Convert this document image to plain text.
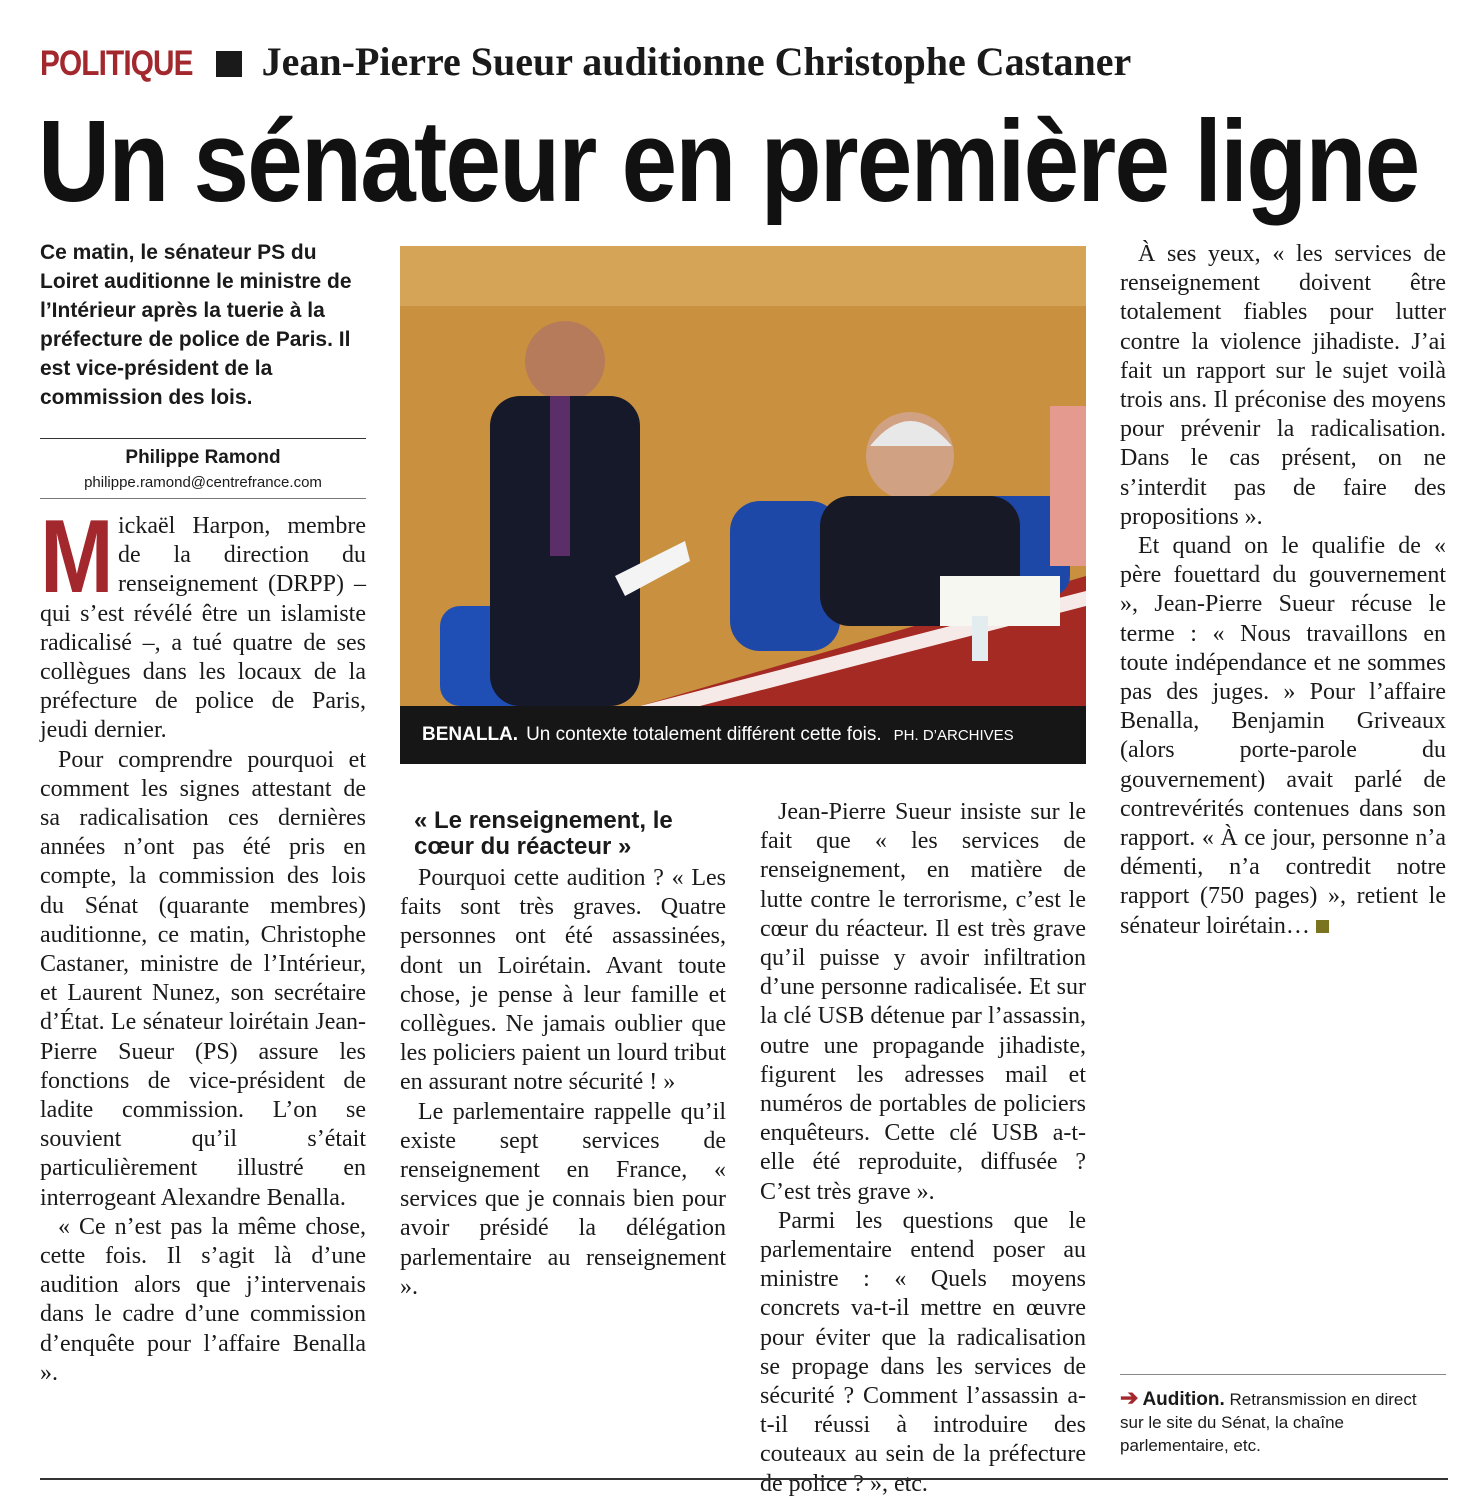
POLITIQUE Jean-Pierre Sueur auditionne Christophe Castaner
Un sénateur en première ligne
Ce matin, le sénateur PS du Loiret auditionne le ministre de l’Intérieur après la tuerie à la préfecture de police de Paris. Il est vice-président de la commission des lois.
Philippe Ramond
philippe.ramond@centrefrance.com

Mickaël Harpon, membre de la direction du renseignement (DRPP) – qui s’est révélé être un islamiste radicalisé –, a tué quatre de ses collègues dans les locaux de la préfecture de police de Paris, jeudi dernier.

Pour comprendre pourquoi et comment les signes attestant de sa radicalisation ces dernières années n’ont pas été pris en compte, la commission des lois du Sénat (quarante membres) auditionne, ce matin, Christophe Castaner, ministre de l’Intérieur, et Laurent Nunez, son secrétaire d’État. Le sénateur loirétain Jean-Pierre Sueur (PS) assure les fonctions de vice-président de ladite commission. L’on se souvient qu’il s’était particulièrement illustré en interrogeant Alexandre Benalla.

« Ce n’est pas la même chose, cette fois. Il s’agit là d’une audition alors que j’intervenais dans le cadre d’une commission d’enquête pour l’affaire Benalla ».

BENALLA. Un contexte totalement différent cette fois. PH. D’ARCHIVES
« Le renseignement, le cœur du réacteur »

Pourquoi cette audition ? « Les faits sont très graves. Quatre personnes ont été assassinées, dont un Loirétain. Avant toute chose, je pense à leur famille et collègues. Ne jamais oublier que les policiers paient un lourd tribut en assurant notre sécurité ! »

Le parlementaire rappelle qu’il existe sept services de renseignement en France, « services que je connais bien pour avoir présidé la délégation parlementaire au renseignement ».

Jean-Pierre Sueur insiste sur le fait que « les services de renseignement, en matière de lutte contre le terrorisme, c’est le cœur du réacteur. Il est très grave qu’il puisse y avoir infiltration d’une personne radicalisée. Et sur la clé USB détenue par l’assassin, outre une propagande jihadiste, figurent les adresses mail et numéros de portables de policiers enquêteurs. Cette clé USB a-t-elle été reproduite, diffusée ? C’est très grave ».

Parmi les questions que le parlementaire entend poser au ministre : « Quels moyens concrets va-t-il mettre en œuvre pour éviter que la radicalisation se propage dans les services de sécurité ? Comment l’assassin a-t-il réussi à introduire des couteaux au sein de la préfecture de police ? », etc.

À ses yeux, « les services de renseignement doivent être totalement fiables pour lutter contre la violence jihadiste. J’ai fait un rapport sur le sujet voilà trois ans. Il préconise des moyens pour prévenir la radicalisation. Dans le cas présent, on ne s’interdit pas de faire des propositions ».

Et quand on le qualifie de « père fouettard du gouvernement », Jean-Pierre Sueur récuse le terme : « Nous travaillons en toute indépendance et ne sommes pas des juges. » Pour l’affaire Benalla, Benjamin Griveaux (alors porte-parole du gouvernement) avait parlé de contrevérités contenues dans son rapport. « À ce jour, personne n’a démenti, n’a contredit notre rapport (750 pages) », retient le sénateur loirétain…

➔ Audition. Retransmission en direct sur le site du Sénat, la chaîne parlementaire, etc.
